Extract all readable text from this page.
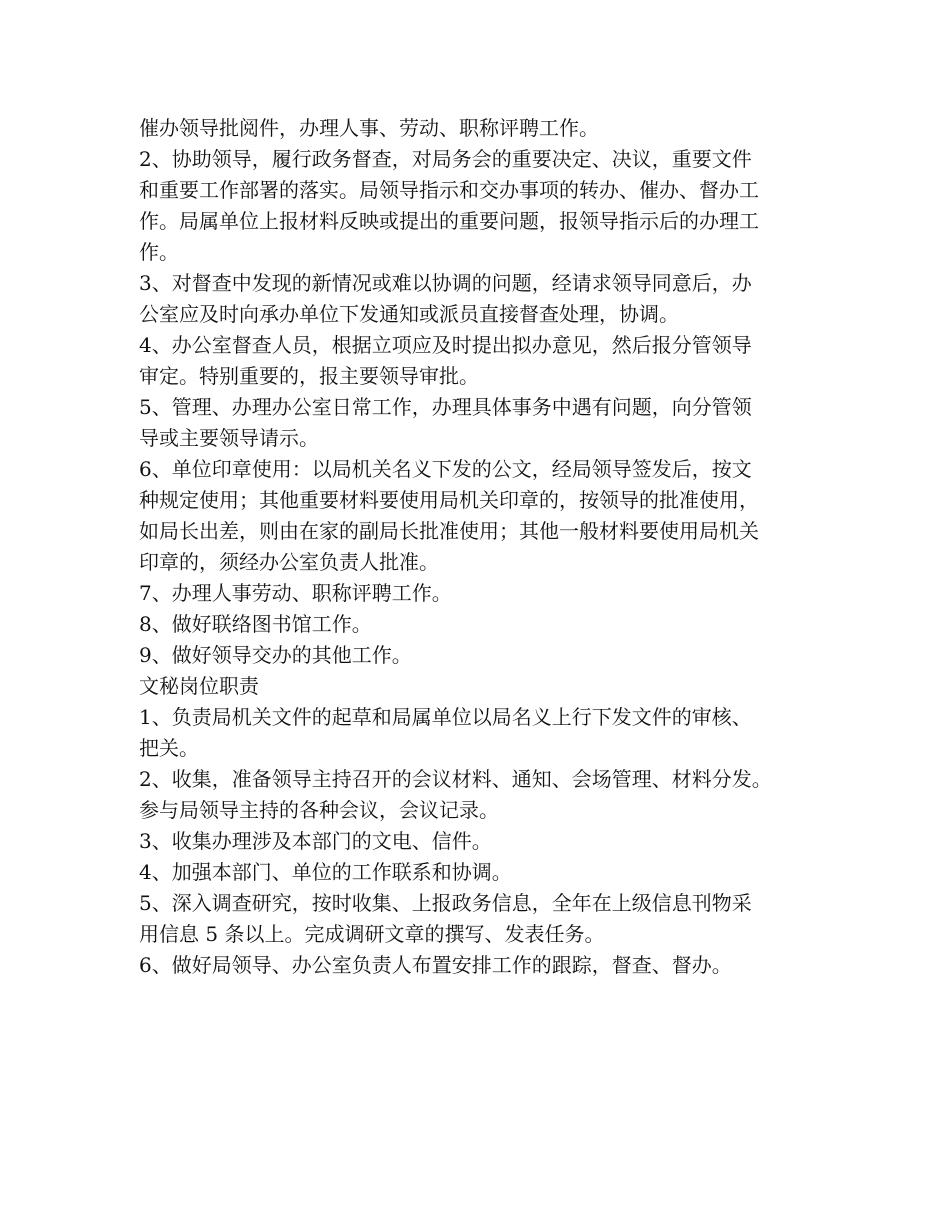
催办领导批阅件，办理人事、劳动、职称评聘工作。
2、协助领导，履行政务督查，对局务会的重要决定、决议，重要文件
和重要工作部署的落实。局领导指示和交办事项的转办、催办、督办工
作。局属单位上报材料反映或提出的重要问题，报领导指示后的办理工
作。
3、对督查中发现的新情况或难以协调的问题，经请求领导同意后，办
公室应及时向承办单位下发通知或派员直接督查处理，协调。
4、办公室督查人员，根据立项应及时提出拟办意见，然后报分管领导
审定。特别重要的，报主要领导审批。
5、管理、办理办公室日常工作，办理具体事务中遇有问题，向分管领
导或主要领导请示。
6、单位印章使用：以局机关名义下发的公文，经局领导签发后，按文
种规定使用；其他重要材料要使用局机关印章的，按领导的批准使用，
如局长出差，则由在家的副局长批准使用；其他一般材料要使用局机关
印章的，须经办公室负责人批准。
7、办理人事劳动、职称评聘工作。
8、做好联络图书馆工作。
9、做好领导交办的其他工作。
文秘岗位职责
1、负责局机关文件的起草和局属单位以局名义上行下发文件的审核、
把关。
2、收集，准备领导主持召开的会议材料、通知、会场管理、材料分发。
参与局领导主持的各种会议，会议记录。
3、收集办理涉及本部门的文电、信件。
4、加强本部门、单位的工作联系和协调。
5、深入调查研究，按时收集、上报政务信息，全年在上级信息刊物采
用信息 5 条以上。完成调研文章的撰写、发表任务。
6、做好局领导、办公室负责人布置安排工作的跟踪，督查、督办。
